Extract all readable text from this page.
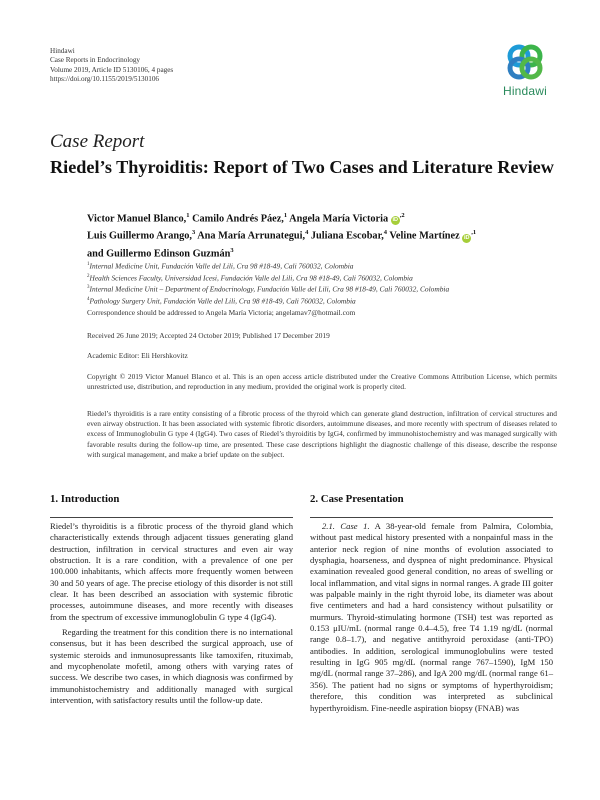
Hindawi
Case Reports in Endocrinology
Volume 2019, Article ID 5130106, 4 pages
https://doi.org/10.1155/2019/5130106
Hindawi
Case Report
Riedel’s Thyroiditis: Report of Two Cases and Literature Review
Victor Manuel Blanco,$^1$ Camilo Andrés Páez,$^1$ Angela María Victoria $iD^{,2}$
Luis Guillermo Arango,$^3$ Ana María Arrunategui,$^4$ Juliana Escobar,$^4$ Veline Martínez $iD^{,1}$
and Guillermo Edinson Guzmán$^3$
$^1$Internal Medicine Unit, Fundación Valle del Lili, Cra 98 #18-49, Cali 760032, Colombia
$^2$Health Sciences Faculty, Universidad Icesi, Fundación Valle del Lili, Cra 98 #18-49, Cali 760032, Colombia
$^3$Internal Medicine Unit – Department of Endocrinology, Fundación Valle del Lili, Cra 98 #18-49, Cali 760032, Colombia
$^4$Pathology Surgery Unit, Fundación Valle del Lili, Cra 98 #18-49, Cali 760032, Colombia
Correspondence should be addressed to Angela María Victoria; angelamav7@hotmail.com
Received 26 June 2019; Accepted 24 October 2019; Published 17 December 2019
Academic Editor: Eli Hershkovitz
Copyright © 2019 Victor Manuel Blanco et al. This is an open access article distributed under the Creative Commons Attribution License, which permits unrestricted use, distribution, and reproduction in any medium, provided the original work is properly cited.
Riedel’s thyroiditis is a rare entity consisting of a fibrotic process of the thyroid which can generate gland destruction, infiltration of cervical structures and even airway obstruction. It has been associated with systemic fibrotic disorders, autoimmune diseases, and more recently with spectrum of diseases related to excess of Immunoglobulin G type 4 (IgG4). Two cases of Riedel’s thyroiditis by IgG4, confirmed by immunohistochemistry and was managed surgically with favorable results during the follow-up time, are presented. These case descriptions highlight the diagnostic challenge of this disease, describe the response with surgical management, and make a brief update on the subject.
1. Introduction

Riedel’s thyroiditis is a fibrotic process of the thyroid gland which characteristically extends through adjacent tissues generating gland destruction, infiltration in cervical structures and even air way obstruction. It is a rare condition, with a prevalence of one per 100.000 inhabitants, which affects more frequently women between 30 and 50 years of age. The precise etiology of this disorder is not still clear. It has been described an association with systemic fibrotic processes, autoimmune diseases, and more recently with diseases from the spectrum of excessive immunoglobulin G type 4 (IgG4).

Regarding the treatment for this condition there is no international consensus, but it has been described the surgical approach, use of systemic steroids and inmunosupressants like tamoxifen, rituximab, and mycophenolate mofetil, among others with varying rates of success. We describe two cases, in which diagnosis was confirmed by immunohistochemistry and additionally managed with surgical intervention, with satisfactory results until the follow-up date.

2. Case Presentation

2.1. Case 1. A 38-year-old female from Palmira, Colombia, without past medical history presented with a nonpainful mass in the anterior neck region of nine months of evolution associated to dysphagia, hoarseness, and dyspnea of night predominance. Physical examination revealed good general condition, no areas of swelling or local inflammation, and vital signs in normal ranges. A grade III goiter was palpable mainly in the right thyroid lobe, its diameter was about five centimeters and had a hard consistency without pulsatility or murmurs. Thyroid-stimulating hormone (TSH) test was reported as 0.153 μIU/mL (normal range 0.4–4.5), free T4 1.19 ng/dL (normal range 0.8–1.7), and negative antithyroid peroxidase (anti-TPO) antibodies. In addition, serological immunoglobulins were tested resulting in IgG 905 mg/dL (normal range 767–1590), IgM 150 mg/dL (normal range 37–286), and IgA 200 mg/dL (normal range 61–356). The patient had no signs or symptoms of hyperthyroidism; therefore, this condition was interpreted as subclinical hyperthyroidism. Fine-needle aspiration biopsy (FNAB) was
